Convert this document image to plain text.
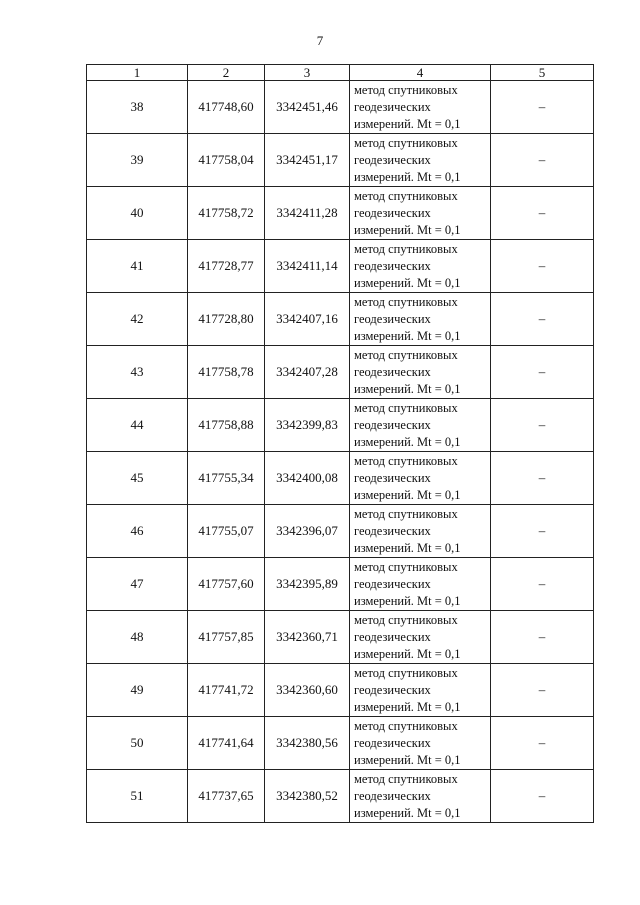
7
1	2	3	4	5
38	417748,60	3342451,46	метод спутниковых
геодезических
измерений. Mt = 0,1	–
39	417758,04	3342451,17	метод спутниковых
геодезических
измерений. Mt = 0,1	–
40	417758,72	3342411,28	метод спутниковых
геодезических
измерений. Mt = 0,1	–
41	417728,77	3342411,14	метод спутниковых
геодезических
измерений. Mt = 0,1	–
42	417728,80	3342407,16	метод спутниковых
геодезических
измерений. Mt = 0,1	–
43	417758,78	3342407,28	метод спутниковых
геодезических
измерений. Mt = 0,1	–
44	417758,88	3342399,83	метод спутниковых
геодезических
измерений. Mt = 0,1	–
45	417755,34	3342400,08	метод спутниковых
геодезических
измерений. Mt = 0,1	–
46	417755,07	3342396,07	метод спутниковых
геодезических
измерений. Mt = 0,1	–
47	417757,60	3342395,89	метод спутниковых
геодезических
измерений. Mt = 0,1	–
48	417757,85	3342360,71	метод спутниковых
геодезических
измерений. Mt = 0,1	–
49	417741,72	3342360,60	метод спутниковых
геодезических
измерений. Mt = 0,1	–
50	417741,64	3342380,56	метод спутниковых
геодезических
измерений. Mt = 0,1	–
51	417737,65	3342380,52	метод спутниковых
геодезических
измерений. Mt = 0,1	–
